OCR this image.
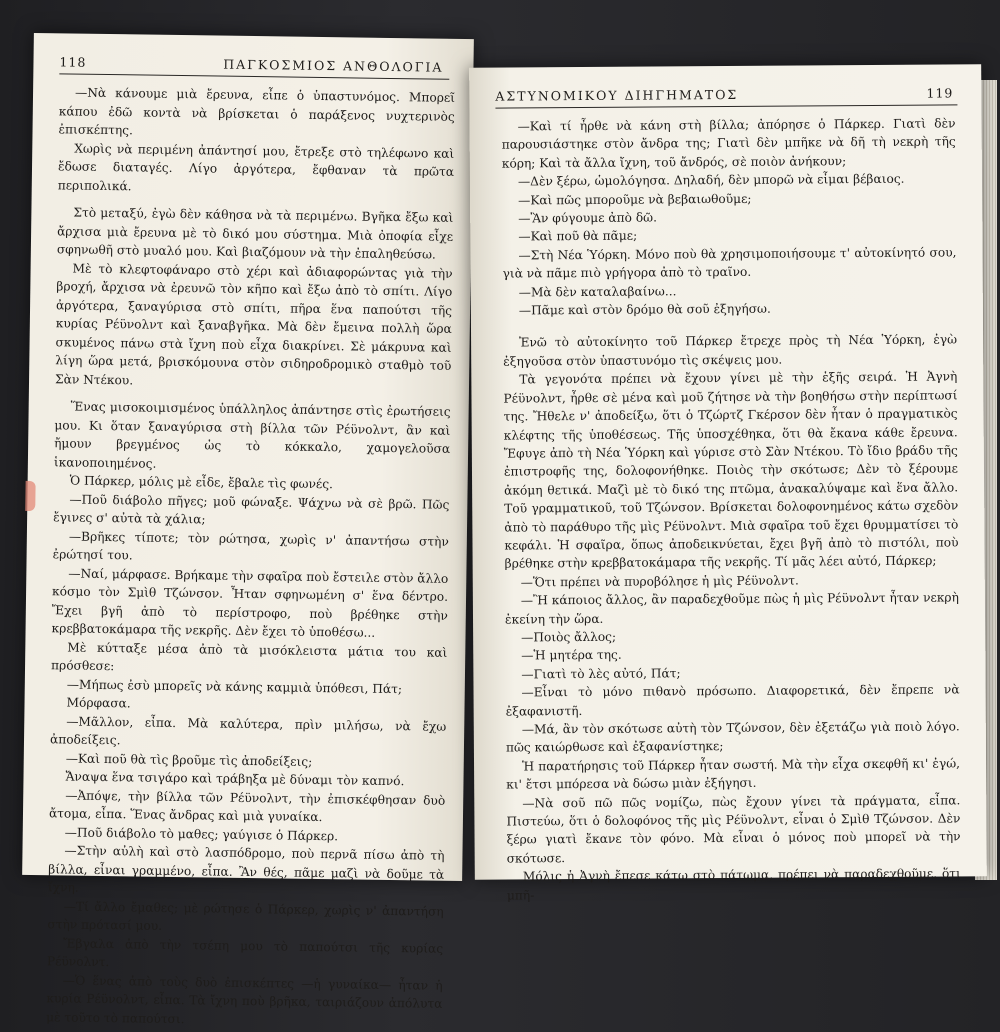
118	ΠΑΓΚΟΣΜΙΟΣ ΑΝΘΟΛΟΓΙΑ

—Νὰ κάνουμε μιὰ ἔρευνα, εἶπε ὁ ὑπαστυνόμος. Μπορεῖ κάπου ἐδῶ κοντὰ νὰ βρίσκεται ὁ παράξενος νυχτερινὸς ἐπισκέπτης.

Χωρὶς νὰ περιμένη ἀπάντησί μου, ἔτρεξε στὸ τηλέφωνο καὶ ἔδωσε διαταγές. Λίγο ἀργότερα, ἔφθαναν τὰ πρῶτα περιπολικά.

Στὸ μεταξύ, ἐγὼ δὲν κάθησα νὰ τὰ περιμένω. Βγῆκα ἔξω καὶ ἄρχισα μιὰ ἔρευνα μὲ τὸ δικό μου σύστημα. Μιὰ ὀποφία εἶχε σφηνωθῆ στὸ μυαλό μου. Καὶ βιαζόμουν νὰ τὴν ἐπαληθεύσω.

Μὲ τὸ κλεφτοφάναρο στὸ χέρι καὶ ἀδιαφορώντας γιὰ τὴν βροχή, ἄρχισα νὰ ἐρευνῶ τὸν κῆπο καὶ ἔξω ἀπὸ τὸ σπίτι. Λίγο ἀργότερα, ξαναγύρισα στὸ σπίτι, πῆρα ἕνα παπούτσι τῆς κυρίας Ρέϋνολντ καὶ ξαναβγῆκα. Μὰ δὲν ἔμεινα πολλὴ ὥρα σκυμένος πάνω στὰ ἴχνη ποὺ εἶχα διακρίνει. Σὲ μάκρυνα καὶ λίγη ὥρα μετά, βρισκόμουνα στὸν σιδηροδρομικὸ σταθμὸ τοῦ Σὰν Ντέκου.

Ἕνας μισοκοιμισμένος ὑπάλληλος ἀπάντησε στὶς ἐρωτήσεις μου. Κι ὅταν ξαναγύρισα στὴ βίλλα τῶν Ρέϋνολντ, ἂν καὶ ἤμουν βρεγμένος ὡς τὸ κόκκαλο, χαμογελοῦσα ἱκανοποιημένος.

Ὁ Πάρκερ, μόλις μὲ εἶδε, ἔβαλε τὶς φωνές.

—Ποῦ διάβολο πῆγες; μοῦ φώναξε. Ψάχνω νὰ σὲ βρῶ. Πῶς ἔγινες σ' αὐτὰ τὰ χάλια;

—Βρῆκες τίποτε; τὸν ρώτησα, χωρὶς ν' ἀπαντήσω στὴν ἐρώτησί του.

—Ναί, μάρφασε. Βρήκαμε τὴν σφαῖρα ποὺ ἔστειλε στὸν ἄλλο κόσμο τὸν Σμὶθ Τζώνσον. Ἦταν σφηνωμένη σ' ἕνα δέντρο. Ἔχει βγῆ ἀπὸ τὸ περίστροφο, ποὺ βρέθηκε στὴν κρεββατοκάμαρα τῆς νεκρῆς. Δὲν ἔχει τὸ ὑποθέσω...

Μὲ κύτταξε μέσα ἀπὸ τὰ μισόκλειστα μάτια του καὶ πρόσθεσε:

—Μήπως ἐσὺ μπορεῖς νὰ κάνης καμμιὰ ὑπόθεσι, Πάτ;

Μόρφασα.

—Μᾶλλον, εἶπα. Μὰ καλύτερα, πρὶν μιλήσω, νὰ ἔχω ἀποδείξεις.

—Καὶ ποῦ θὰ τὶς βροῦμε τὶς ἀποδείξεις;

Ἄναψα ἕνα τσιγάρο καὶ τράβηξα μὲ δύναμι τὸν καπνό.

—Ἀπόψε, τὴν βίλλα τῶν Ρέϋνολντ, τὴν ἐπισκέφθησαν δυὸ ἄτομα, εἶπα. Ἕνας ἄνδρας καὶ μιὰ γυναίκα.

—Ποῦ διάβολο τὸ μαθες; γαύγισε ὁ Πάρκερ.

—Στὴν αὐλὴ καὶ στὸ λασπόδρομο, ποὺ περνᾶ πίσω ἀπὸ τὴ βίλλα, εἶναι γραμμένο, εἶπα. Ἂν θές, πᾶμε μαζὶ νὰ δοῦμε τὰ ἴχνη.

—Τί ἄλλο ἔμαθες; μὲ ρώτησε ὁ Πάρκερ, χωρὶς ν' ἀπαντήση στὴν πρότασί μου.

Ἔβγαλα ἀπὸ τὴν τσέπη μου τὸ παπούτσι τῆς κυρίας Ρέϋνολντ.

—Ὁ ἕνας ἀπὸ τοὺς δυὸ ἐπισκέπτες —ἡ γυναίκα— ἦταν ἡ κυρία Ρέϋνολντ, εἶπα. Τὰ ἴχνη ποὺ βρῆκα, ταιριάζουν ἀπόλυτα μὲ τοῦτο τὸ παπούτσι.

ΑΣΤΥΝΟΜΙΚΟΥ ΔΙΗΓΗΜΑΤΟΣ	119

—Καὶ τί ἦρθε νὰ κάνη στὴ βίλλα; ἀπόρησε ὁ Πάρκερ. Γιατὶ δὲν παρουσιάστηκε στὸν ἄνδρα της; Γιατὶ δὲν μπῆκε νὰ δῆ τὴ νεκρὴ τῆς κόρη; Καὶ τὰ ἄλλα ἴχνη, τοῦ ἄνδρός, σὲ ποιὸν ἀνήκουν;

—Δὲν ξέρω, ὡμολόγησα. Δηλαδή, δὲν μπορῶ νὰ εἶμαι βέβαιος.

—Καὶ πῶς μποροῦμε νὰ βεβαιωθοῦμε;

—Ἂν φύγουμε ἀπὸ δῶ.

—Καὶ ποῦ θὰ πᾶμε;

—Στὴ Νέα Ὑόρκη. Μόνο ποὺ θὰ χρησιμοποιήσουμε τ' αὐτοκίνητό σου, γιὰ νὰ πᾶμε πιὸ γρήγορα ἀπὸ τὸ τραῖνο.

—Μὰ δὲν καταλαβαίνω...

—Πᾶμε καὶ στὸν δρόμο θὰ σοῦ ἐξηγήσω.

Ἐνῶ τὸ αὐτοκίνητο τοῦ Πάρκερ ἔτρεχε πρὸς τὴ Νέα Ὑόρκη, ἐγὼ ἐξηγοῦσα στὸν ὑπαστυνόμο τὶς σκέψεις μου.

Τὰ γεγονότα πρέπει νὰ ἔχουν γίνει μὲ τὴν ἑξῆς σειρά. Ἡ Ἀγνὴ Ρέϋνολντ, ἦρθε σὲ μένα καὶ μοῦ ζήτησε νὰ τὴν βοηθήσω στὴν περίπτωσί της. Ἤθελε ν' ἀποδείξω, ὅτι ὁ Τζώρτζ Γκέρσον δὲν ἦταν ὁ πραγματικὸς κλέφτης τῆς ὑποθέσεως. Τῆς ὑποσχέθηκα, ὅτι θὰ ἔκανα κάθε ἔρευνα. Ἔφυγε ἀπὸ τὴ Νέα Ὑόρκη καὶ γύρισε στὸ Σὰν Ντέκου. Τὸ ἴδιο βράδυ τῆς ἐπιστροφῆς της, δολοφονήθηκε. Ποιὸς τὴν σκότωσε; Δὲν τὸ ξέρουμε ἀκόμη θετικά. Μαζὶ μὲ τὸ δικό της πτῶμα, ἀνακαλύψαμε καὶ ἕνα ἄλλο. Τοῦ γραμματικοῦ, τοῦ Τζώνσον. Βρίσκεται δολοφονημένος κάτω σχεδὸν ἀπὸ τὸ παράθυρο τῆς μὶς Ρέϋνολντ. Μιὰ σφαῖρα τοῦ ἔχει θρυμματίσει τὸ κεφάλι. Ἡ σφαῖρα, ὅπως ἀποδεικνύεται, ἔχει βγῆ ἀπὸ τὸ πιστόλι, ποὺ βρέθηκε στὴν κρεββατοκάμαρα τῆς νεκρῆς. Τί μᾶς λέει αὐτό, Πάρκερ;

—Ὅτι πρέπει νὰ πυροβόλησε ἡ μὶς Ρέϋνολντ.

—Ἢ κάποιος ἄλλος, ἂν παραδεχθοῦμε πὼς ἡ μὶς Ρέϋνολντ ἦταν νεκρὴ ἐκείνη τὴν ὥρα.

—Ποιὸς ἄλλος;

—Ἡ μητέρα της.

—Γιατὶ τὸ λὲς αὐτό, Πάτ;

—Εἶναι τὸ μόνο πιθανὸ πρόσωπο. Διαφορετικά, δὲν ἔπρεπε νὰ ἐξαφανιστῆ.

—Μά, ἂν τὸν σκότωσε αὐτὴ τὸν Τζώνσον, δὲν ἐξετάζω γιὰ ποιὸ λόγο. πῶς καιώρθωσε καὶ ἐξαφανίστηκε;

Ἡ παρατήρησις τοῦ Πάρκερ ἦταν σωστή. Μὰ τὴν εἶχα σκεφθῆ κι' ἐγώ, κι' ἔτσι μπόρεσα νὰ δώσω μιὰν ἐξήγησι.

—Νὰ σοῦ πῶ πῶς νομίζω, πὼς ἔχουν γίνει τὰ πράγματα, εἶπα. Πιστεύω, ὅτι ὁ δολοφόνος τῆς μὶς Ρέϋνολντ, εἶναι ὁ Σμὶθ Τζώνσον. Δὲν ξέρω γιατὶ ἔκανε τὸν φόνο. Μὰ εἶναι ὁ μόνος ποὺ μπορεῖ νὰ τὴν σκότωσε.

Μόλις ἡ Ἀγνὴ ἔπεσε κάτω στὸ πάτωμα, πρέπει νὰ παραδεχθοῦμε, ὅτι μπῆ-
